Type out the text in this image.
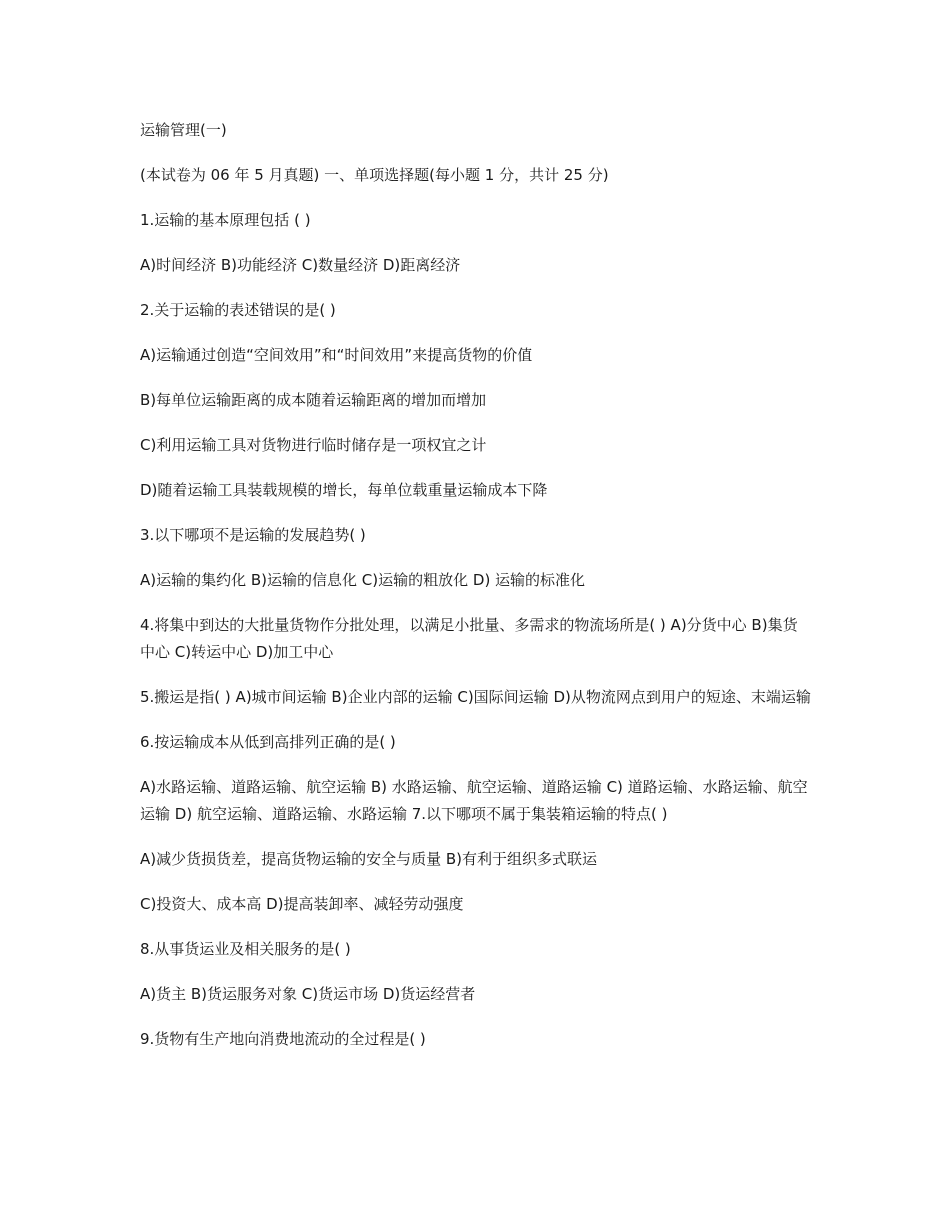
运输管理(一)

(本试卷为 06 年 5 月真题) 一、单项选择题(每小题 1 分，共计 25 分)

1.运输的基本原理包括 ( )

A)时间经济 B)功能经济 C)数量经济 D)距离经济

2.关于运输的表述错误的是( )

A)运输通过创造“空间效用”和“时间效用”来提高货物的价值

B)每单位运输距离的成本随着运输距离的增加而增加

C)利用运输工具对货物进行临时储存是一项权宜之计

D)随着运输工具装载规模的增长，每单位载重量运输成本下降

3.以下哪项不是运输的发展趋势( )

A)运输的集约化 B)运输的信息化 C)运输的粗放化 D) 运输的标准化

4.将集中到达的大批量货物作分批处理，以满足小批量、多需求的物流场所是( ) A)分货中心 B)集货中心 C)转运中心 D)加工中心

5.搬运是指( ) A)城市间运输 B)企业内部的运输 C)国际间运输 D)从物流网点到用户的短途、末端运输

6.按运输成本从低到高排列正确的是( )

A)水路运输、道路运输、航空运输 B) 水路运输、航空运输、道路运输 C) 道路运输、水路运输、航空运输 D) 航空运输、道路运输、水路运输 7.以下哪项不属于集装箱运输的特点( )

A)减少货损货差，提高货物运输的安全与质量 B)有利于组织多式联运

C)投资大、成本高 D)提高装卸率、减轻劳动强度

8.从事货运业及相关服务的是( )

A)货主 B)货运服务对象 C)货运市场 D)货运经营者

9.货物有生产地向消费地流动的全过程是( )
